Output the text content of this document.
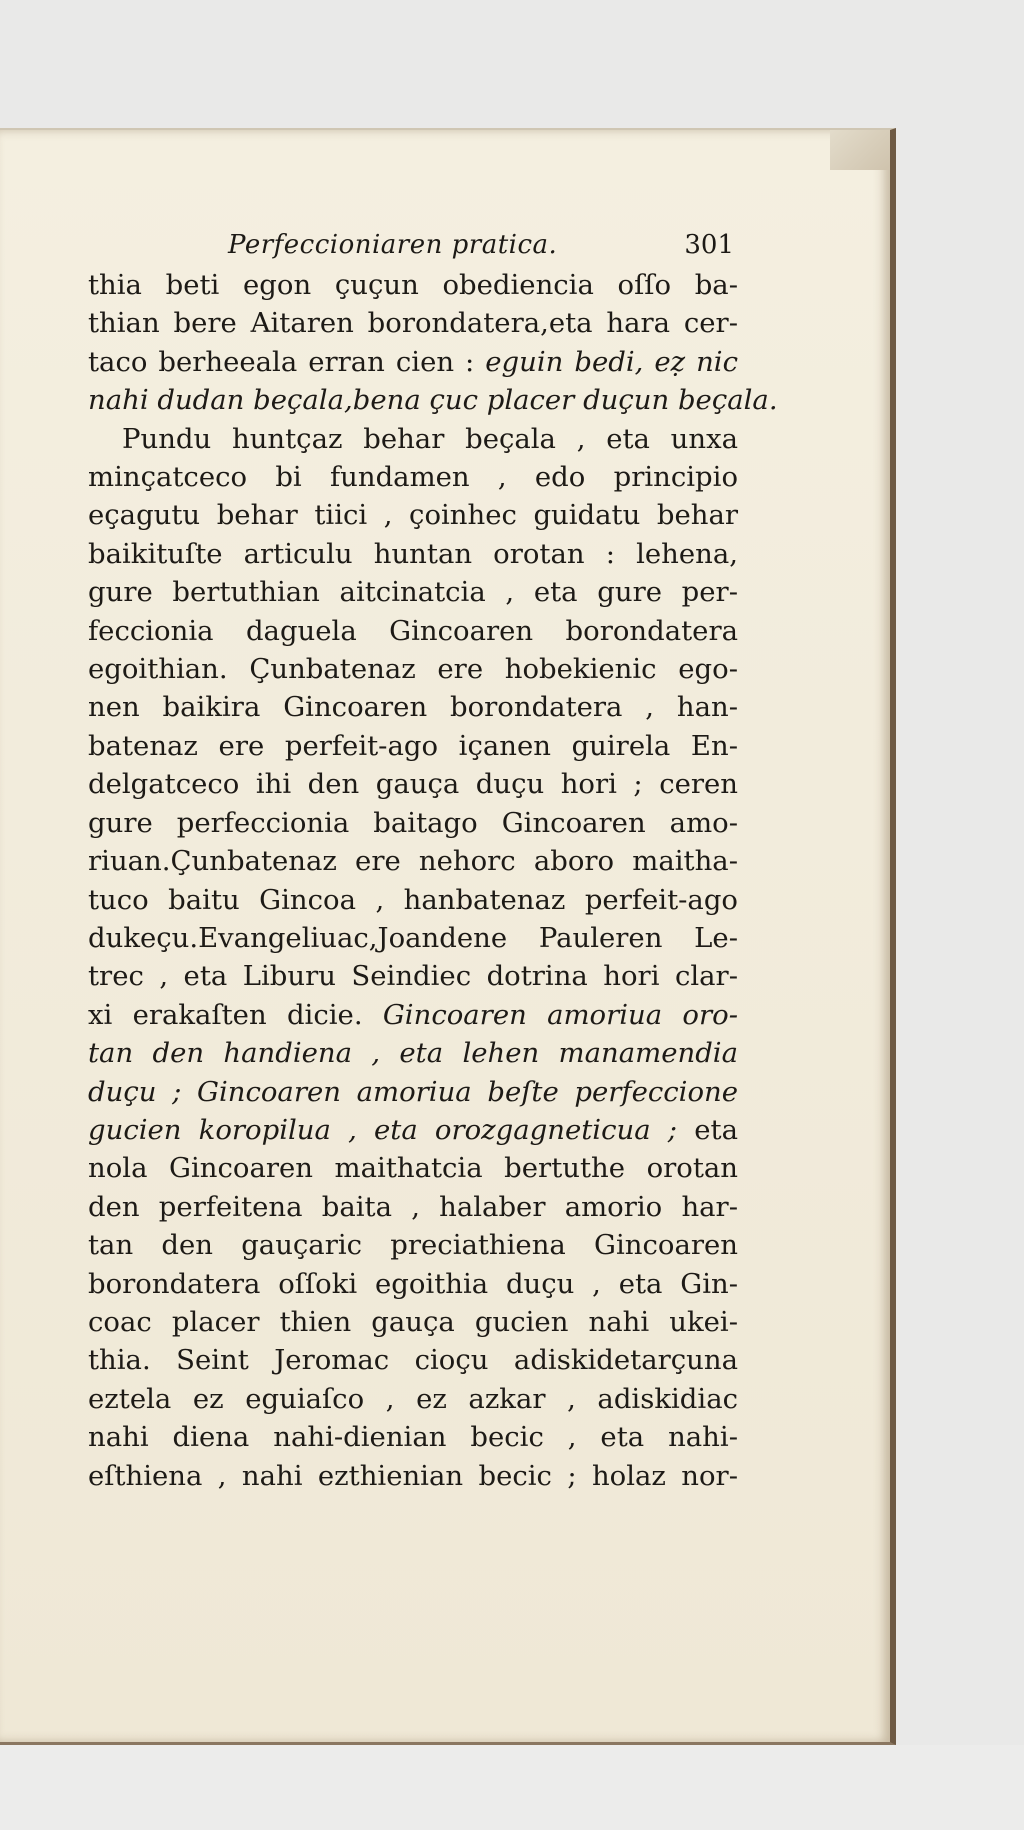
Perfeccioniaren pratica.	301
thia beti egon çuçun obediencia oſſo ba-
thian bere Aitaren borondatera,eta hara cer-
taco berheeala erran cien : eguin bedi, eẓ nic
nahi dudan beçala,bena çuc placer duçun beçala.
Pundu huntçaz behar beçala , eta unxa
minçatceco bi fundamen , edo principio
eçagutu behar tiici , çoinhec guidatu behar
baikituſte articulu huntan orotan : lehena,
gure bertuthian aitcinatcia , eta gure per-
feccionia daguela Gincoaren borondatera
egoithian. Çunbatenaz ere hobekienic ego-
nen baikira Gincoaren borondatera , han-
batenaz ere perfeit-ago içanen guirela En-
delgatceco ihi den gauça duçu hori ; ceren
gure perfeccionia baitago Gincoaren amo-
riuan.Çunbatenaz ere nehorc aboro maitha-
tuco baitu Gincoa , hanbatenaz perfeit-ago
dukeçu.Evangeliuac,Joandene Pauleren Le-
trec , eta Liburu Seindiec dotrina hori clar-
xi erakaſten dicie. Gincoaren amoriua oro-
tan den handiena , eta lehen manamendia
duçu ; Gincoaren amoriua beſte perfeccione
gucien koropilua , eta orozgagneticua ; eta
nola Gincoaren maithatcia bertuthe orotan
den perfeitena baita , halaber amorio har-
tan den gauçaric preciathiena Gincoaren
borondatera oſſoki egoithia duçu , eta Gin-
coac placer thien gauça gucien nahi ukei-
thia. Seint Jeromac cioçu adiskidetarçuna
eztela ez eguiaſco , ez azkar , adiskidiac
nahi diena nahi-dienian becic , eta nahi-
eſthiena , nahi ezthienian becic ; holaz nor-
